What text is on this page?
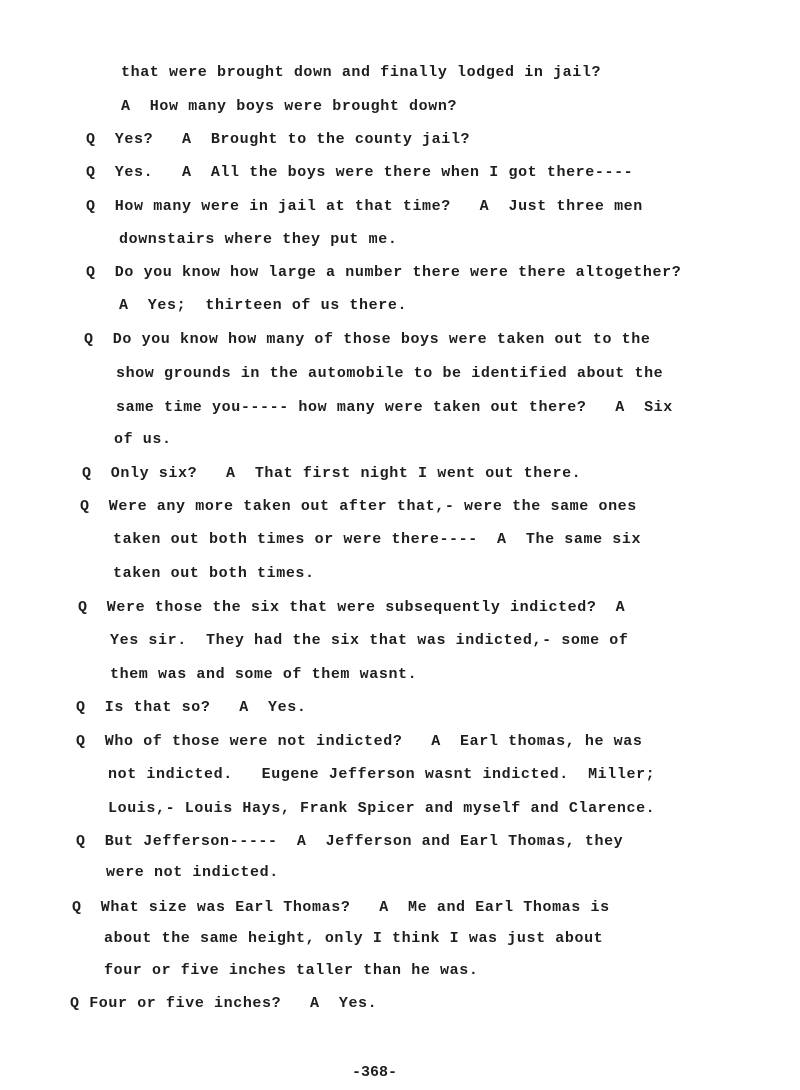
that were brought down and finally lodged in jail?
A  How many boys were brought down?
Q  Yes?   A  Brought to the county jail?
Q  Yes.   A  All the boys were there when I got there----
Q  How many were in jail at that time?   A  Just three men
downstairs where they put me.
Q  Do you know how large a number there were there altogether?
A  Yes;  thirteen of us there.
Q  Do you know how many of those boys were taken out to the
show grounds in the automobile to be identified about the
same time you----- how many were taken out there?   A  Six
of us.
Q  Only six?   A  That first night I went out there.
Q  Were any more taken out after that,- were the same ones
taken out both times or were there----  A  The same six
taken out both times.
Q  Were those the six that were subsequently indicted?  A
Yes sir.  They had the six that was indicted,- some of
them was and some of them wasnt.
Q  Is that so?   A  Yes.
Q  Who of those were not indicted?   A  Earl thomas, he was
not indicted.   Eugene Jefferson wasnt indicted.  Miller;
Louis,- Louis Hays, Frank Spicer and myself and Clarence.
Q  But Jefferson-----  A  Jefferson and Earl Thomas, they
were not indicted.
Q  What size was Earl Thomas?   A  Me and Earl Thomas is
about the same height, only I think I was just about
four or five inches taller than he was.
Q Four or five inches?   A  Yes.
-368-
